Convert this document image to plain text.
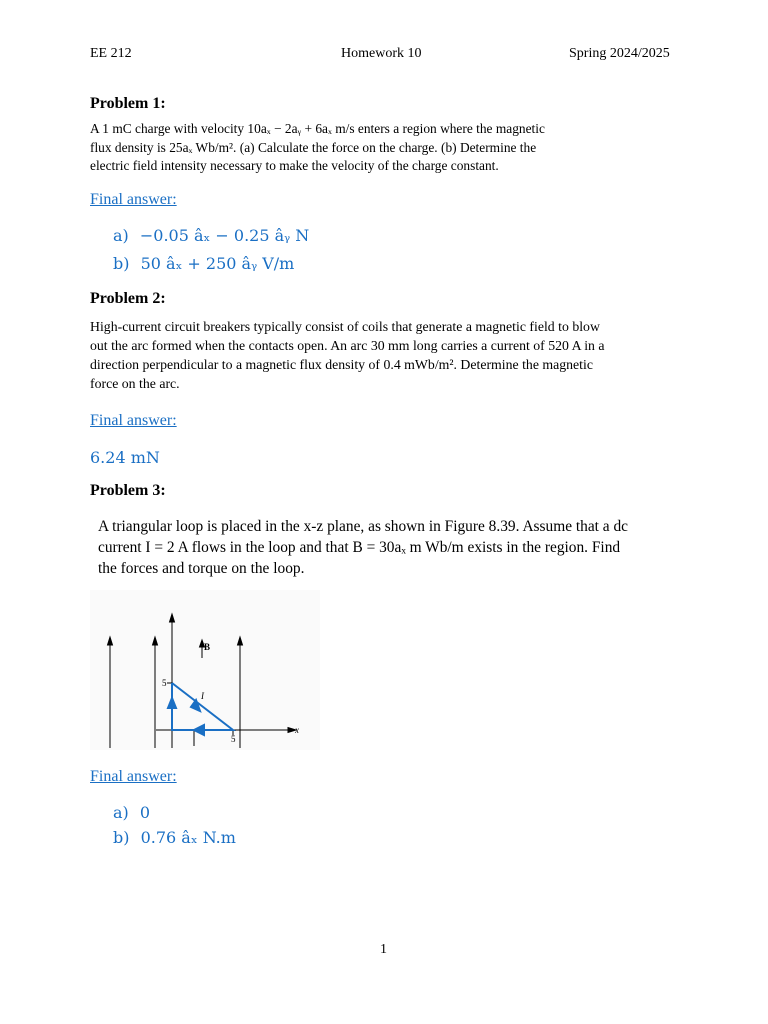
EE 212	Homework 10	Spring 2024/2025
Problem 1:
A 1 mC charge with velocity 10aₓ − 2aᵧ + 6aₓ m/s enters a region where the magnetic
flux density is 25aₓ Wb/m². (a) Calculate the force on the charge. (b) Determine the
electric field intensity necessary to make the velocity of the charge constant.
Final answer:
a) −0.05 âₓ − 0.25 âᵧ N
b) 50 âₓ + 250 âᵧ V/m
Problem 2:
High-current circuit breakers typically consist of coils that generate a magnetic field to blow
out the arc formed when the contacts open. An arc 30 mm long carries a current of 520 A in a
direction perpendicular to a magnetic flux density of 0.4 mWb/m². Determine the magnetic
force on the arc.
Final answer:
6.24 mN
Problem 3:
A triangular loop is placed in the x-z plane, as shown in Figure 8.39. Assume that a dc
current I = 2 A flows in the loop and that B = 30aₓ m Wb/m exists in the region. Find
the forces and torque on the loop.
B
I
5
5
x
Final answer:
a) 0
b) 0.76 âₓ N.m
1
